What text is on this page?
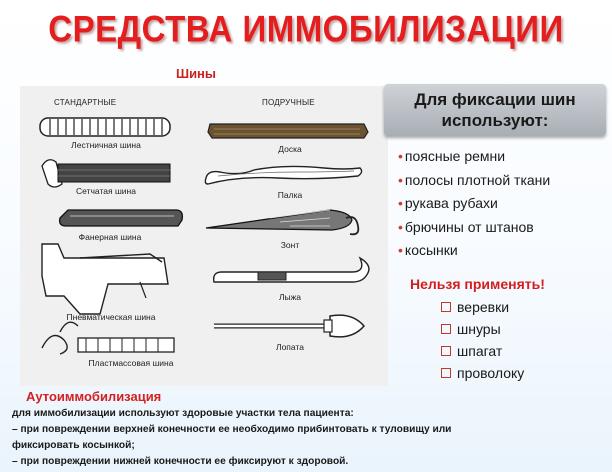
СРЕДСТВА ИММОБИЛИЗАЦИИ
Шины
СТАНДАРТНЫЕ	ПОДРУЧНЫЕ
Лестничная шина
Сетчатая шина
Фанерная шина
Пневматическая шина
Пластмассовая шина
Доска
Палка
Зонт
Лыжа
Лопата
Для фиксации шин
используют:
• поясные ремни
• полосы плотной ткани
• рукава рубахи
• брючины от штанов
• косынки
Нельзя применять!
веревки
шнуры
шпагат
проволоку
Аутоиммобилизация
для иммобилизации используют здоровые участки тела пациента:
– при повреждении верхней конечности ее необходимо прибинтовать к туловищу или
фиксировать косынкой;
– при повреждении нижней конечности ее фиксируют к здоровой.
